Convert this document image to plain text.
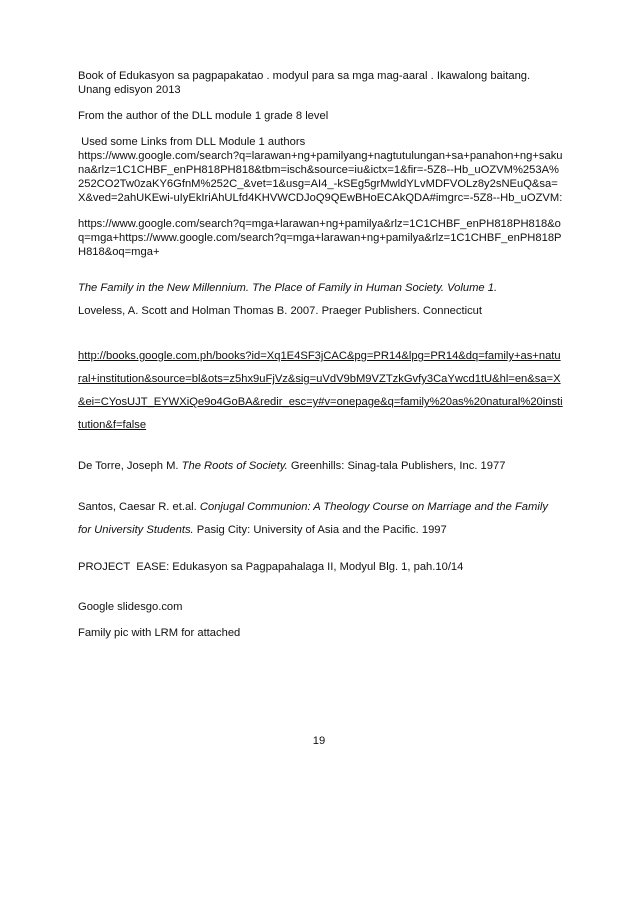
Book of Edukasyon sa pagpapakatao . modyul para sa mga mag-aaral . Ikawalong baitang.
Unang edisyon 2013

From the author of the DLL module 1 grade 8 level

Used some Links from DLL Module 1 authors
https://www.google.com/search?q=larawan+ng+pamilyang+nagtutulungan+sa+panahon+ng+sakuna&rlz=1C1CHBF_enPH818PH818&tbm=isch&source=iu&ictx=1&fir=-5Z8--Hb_uOZVM%253A%252CO2Tw0zaKY6GfnM%252C_&vet=1&usg=AI4_-kSEg5grMwldYLvMDFVOLz8y2sNEuQ&sa=X&ved=2ahUKEwi-uIyEkIriAhULfd4KHVWCDJoQ9QEwBHoECAkQDA#imgrc=-5Z8--Hb_uOZVM:

https://www.google.com/search?q=mga+larawan+ng+pamilya&rlz=1C1CHBF_enPH818PH818&oq=mga+https://www.google.com/search?q=mga+larawan+ng+pamilya&rlz=1C1CHBF_enPH818PH818&oq=mga+

The Family in the New Millennium. The Place of Family in Human Society. Volume 1.
Loveless, A. Scott and Holman Thomas B. 2007. Praeger Publishers. Connecticut

http://books.google.com.ph/books?id=Xq1E4SF3jCAC&pg=PR14&lpg=PR14&dq=family+as+natural+institution&source=bl&ots=z5hx9uFjVz&sig=uVdV9bM9VZTzkGvfy3CaYwcd1tU&hl=en&sa=X&ei=CYosUJT_EYWXiQe9o4GoBA&redir_esc=y#v=onepage&q=family%20as%20natural%20institution&f=false

De Torre, Joseph M. The Roots of Society. Greenhills: Sinag-tala Publishers, Inc. 1977

Santos, Caesar R. et.al. Conjugal Communion: A Theology Course on Marriage and the Family for University Students. Pasig City: University of Asia and the Pacific. 1997

PROJECT  EASE: Edukasyon sa Pagpapahalaga II, Modyul Blg. 1, pah.10/14

Google slidesgo.com

Family pic with LRM for attached

19
